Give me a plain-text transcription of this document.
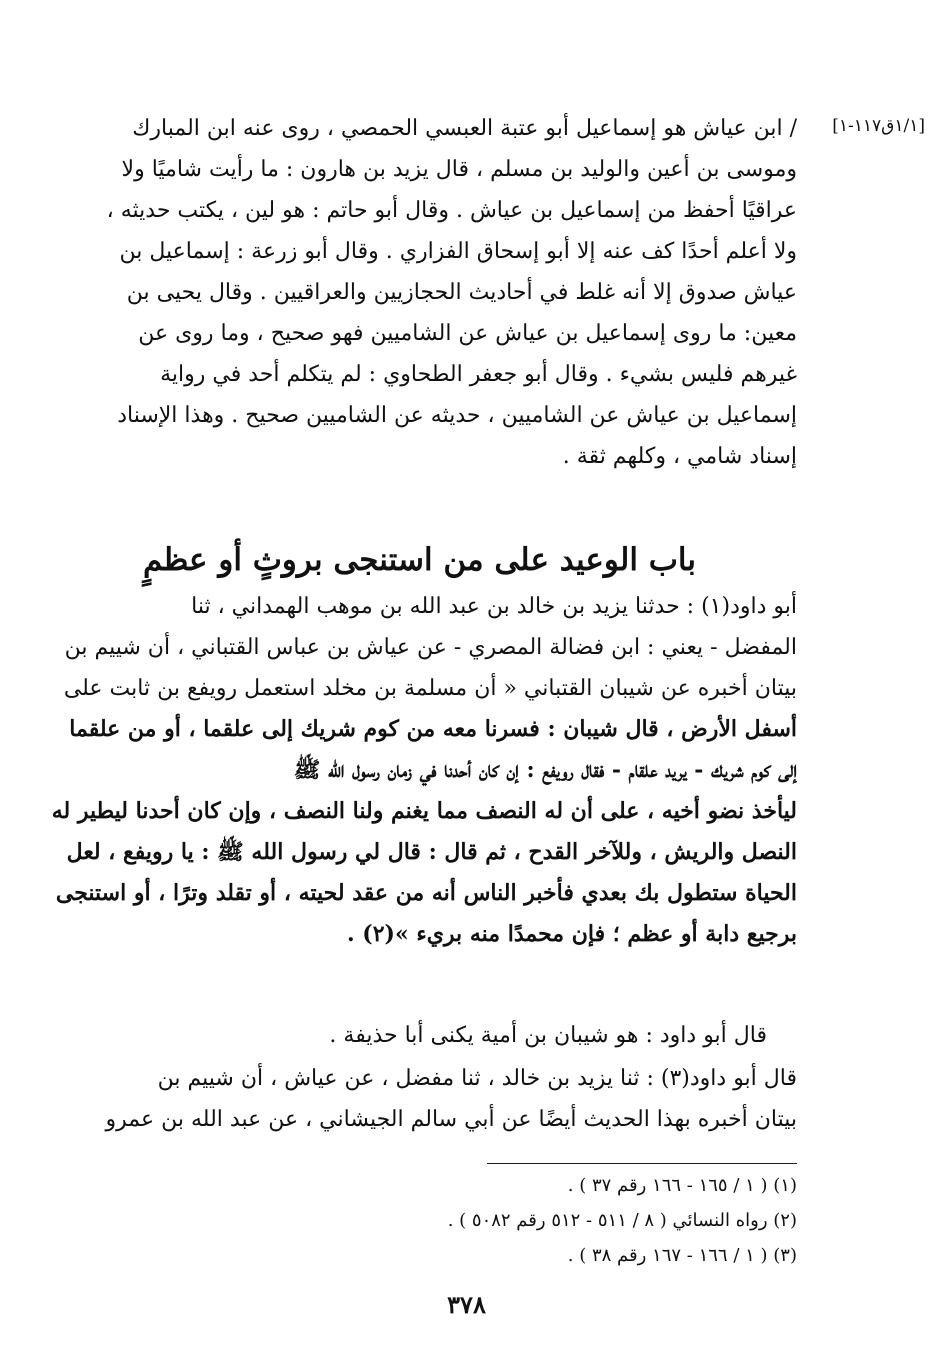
[١/١ق١١٧-١]
/ ابن عياش هو إسماعيل أبو عتبة العبسي الحمصي ، روى عنه ابن المبارك
وموسى بن أعين والوليد بن مسلم ، قال يزيد بن هارون : ما رأيت شاميًا ولا
عراقيًا أحفظ من إسماعيل بن عياش . وقال أبو حاتم : هو لين ، يكتب حديثه ،
ولا أعلم أحدًا كف عنه إلا أبو إسحاق الفزاري . وقال أبو زرعة : إسماعيل بن
عياش صدوق إلا أنه غلط في أحاديث الحجازيين والعراقيين . وقال يحيى بن
معين: ما روى إسماعيل بن عياش عن الشاميين فهو صحيح ، وما روى عن
غيرهم فليس بشيء . وقال أبو جعفر الطحاوي : لم يتكلم أحد في رواية
إسماعيل بن عياش عن الشاميين ، حديثه عن الشاميين صحيح . وهذا الإسناد
إسناد شامي ، وكلهم ثقة .
باب الوعيد على من استنجى بروثٍ أو عظمٍ
أبو داود(١) : حدثنا يزيد بن خالد بن عبد الله بن موهب الهمداني ، ثنا
المفضل - يعني : ابن فضالة المصري - عن عياش بن عباس القتباني ، أن شييم بن
بيتان أخبره عن شيبان القتباني « أن مسلمة بن مخلد استعمل رويفع بن ثابت على
أسفل الأرض ، قال شيبان : فسرنا معه من كوم شريك إلى علقما ، أو من علقما
إلى كوم شريك - يريد علقام - فقال رويفع : إن كان أحدنا في زمان رسول الله ﷺ
ليأخذ نضو أخيه ، على أن له النصف مما يغنم ولنا النصف ، وإن كان أحدنا ليطير له
النصل والريش ، وللآخر القدح ، ثم قال : قال لي رسول الله ﷺ : يا رويفع ، لعل
الحياة ستطول بك بعدي فأخبر الناس أنه من عقد لحيته ، أو تقلد وترًا ، أو استنجى
برجيع دابة أو عظم ؛ فإن محمدًا منه بريء »(٢) .
قال أبو داود : هو شيبان بن أمية يكنى أبا حذيفة .
قال أبو داود(٣) : ثنا يزيد بن خالد ، ثنا مفضل ، عن عياش ، أن شييم بن
بيتان أخبره بهذا الحديث أيضًا عن أبي سالم الجيشاني ، عن عبد الله بن عمرو
(١) ( ١ / ١٦٥ - ١٦٦ رقم ٣٧ ) .
(٢) رواه النسائي ( ٨ / ٥١١ - ٥١٢ رقم ٥٠٨٢ ) .
(٣) ( ١ / ١٦٦ - ١٦٧ رقم ٣٨ ) .
٣٧٨
